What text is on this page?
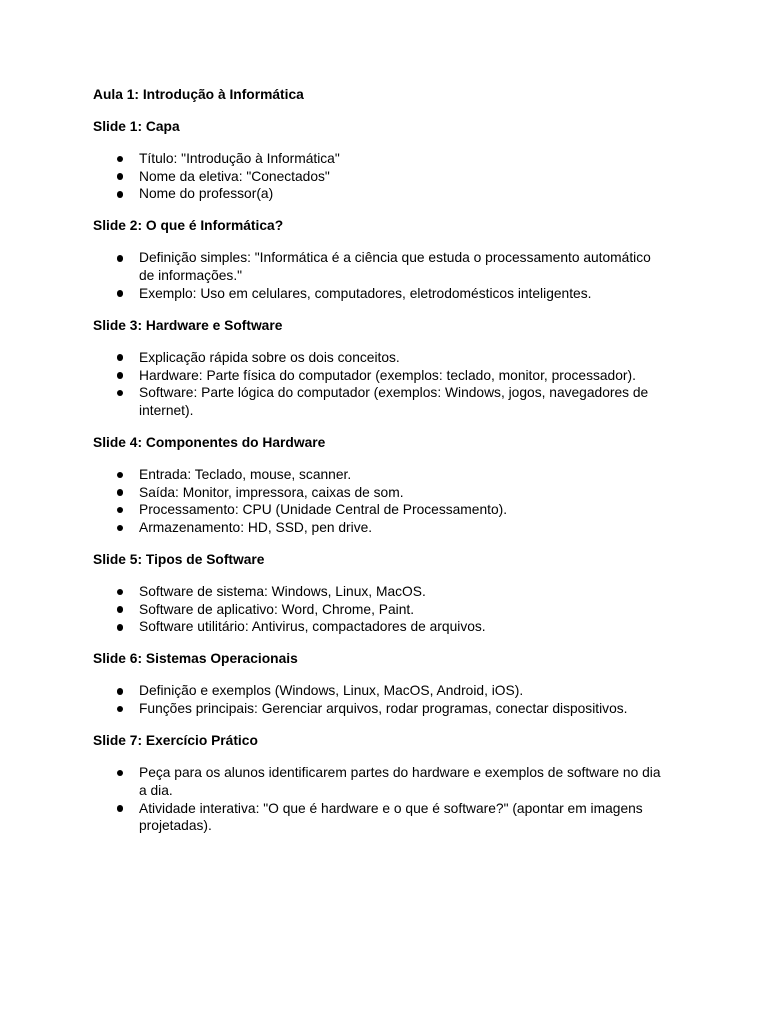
Aula 1: Introdução à Informática
Slide 1: Capa
Título: "Introdução à Informática"
Nome da eletiva: "Conectados"
Nome do professor(a)
Slide 2: O que é Informática?
Definição simples: "Informática é a ciência que estuda o processamento automático de informações."
Exemplo: Uso em celulares, computadores, eletrodomésticos inteligentes.
Slide 3: Hardware e Software
Explicação rápida sobre os dois conceitos.
Hardware: Parte física do computador (exemplos: teclado, monitor, processador).
Software: Parte lógica do computador (exemplos: Windows, jogos, navegadores de internet).
Slide 4: Componentes do Hardware
Entrada: Teclado, mouse, scanner.
Saída: Monitor, impressora, caixas de som.
Processamento: CPU (Unidade Central de Processamento).
Armazenamento: HD, SSD, pen drive.
Slide 5: Tipos de Software
Software de sistema: Windows, Linux, MacOS.
Software de aplicativo: Word, Chrome, Paint.
Software utilitário: Antivirus, compactadores de arquivos.
Slide 6: Sistemas Operacionais
Definição e exemplos (Windows, Linux, MacOS, Android, iOS).
Funções principais: Gerenciar arquivos, rodar programas, conectar dispositivos.
Slide 7: Exercício Prático
Peça para os alunos identificarem partes do hardware e exemplos de software no dia a dia.
Atividade interativa: "O que é hardware e o que é software?" (apontar em imagens projetadas).
